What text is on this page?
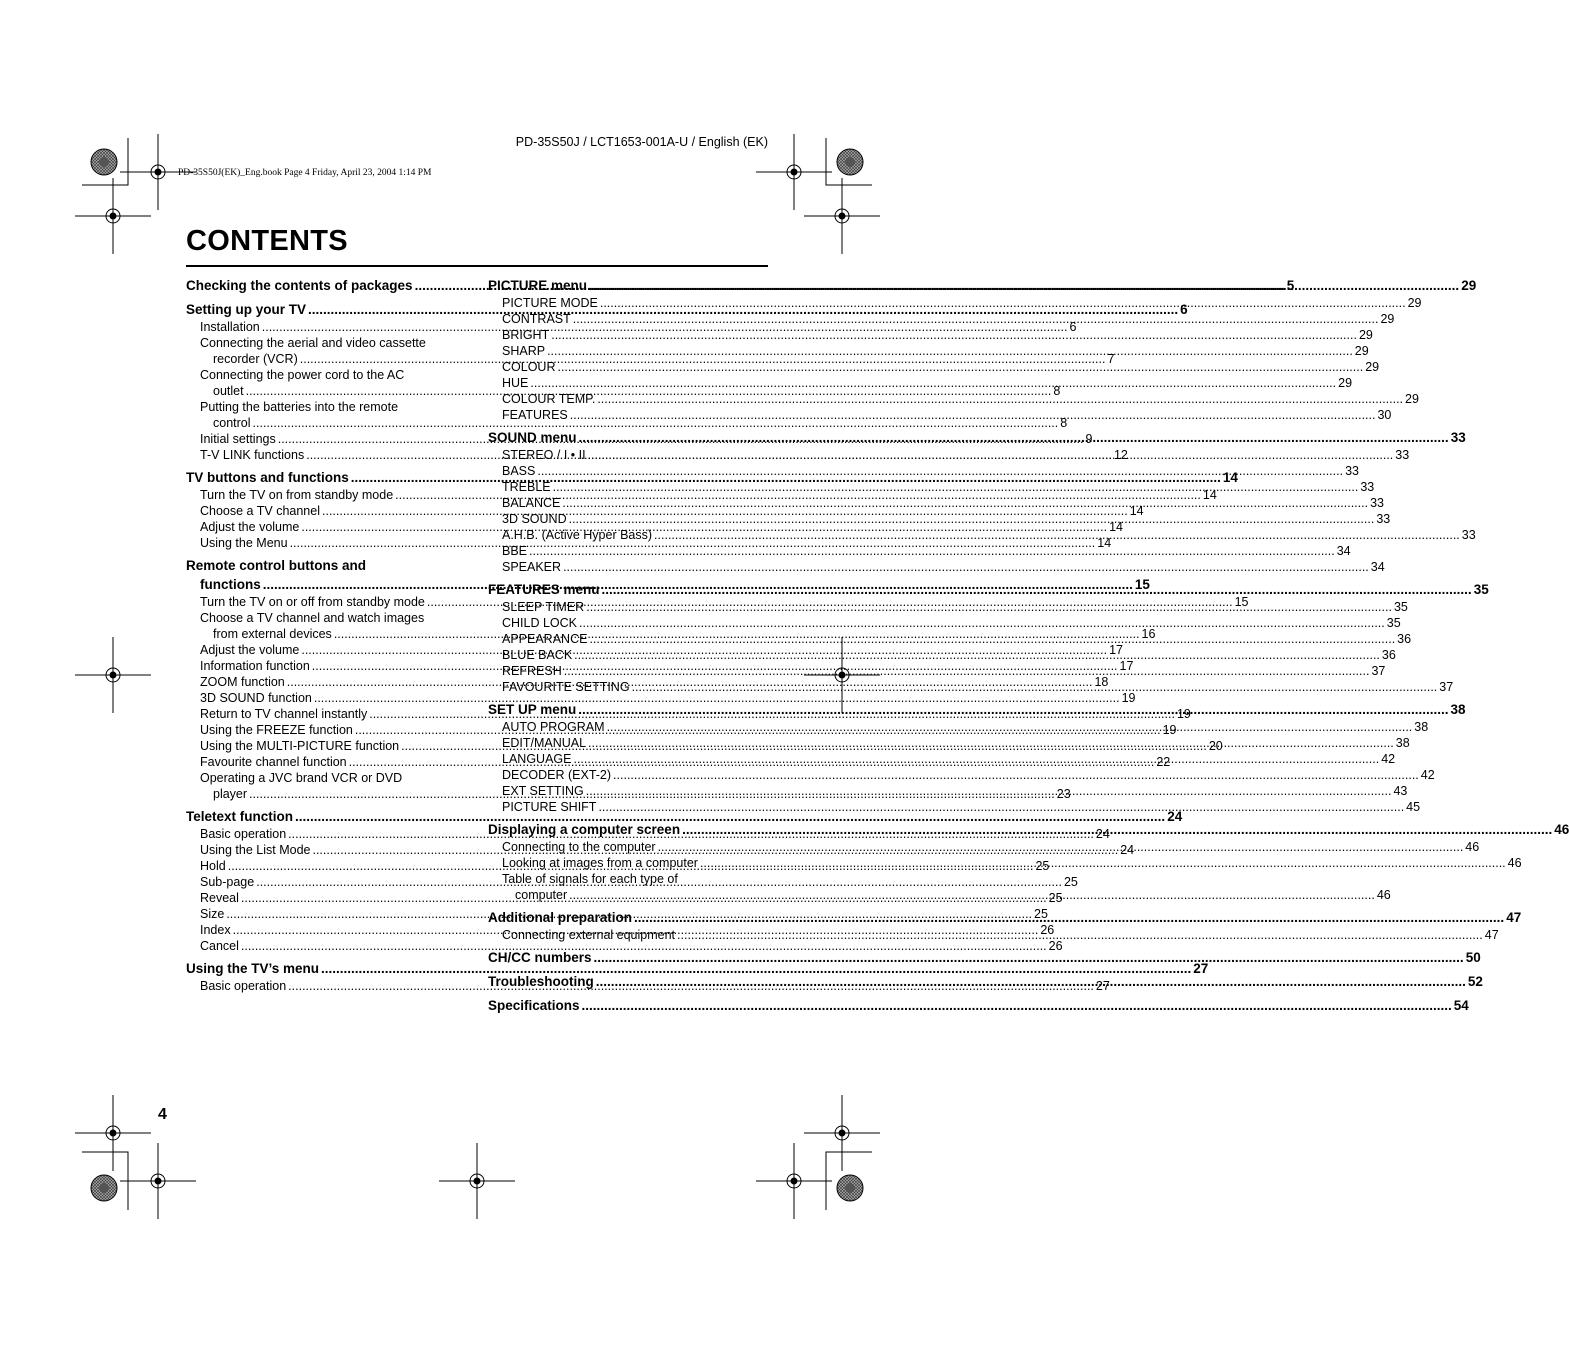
PD-35S50J / LCT1653-001A-U / English (EK)
PD-35S50J(EK)_Eng.book Page 4 Friday, April 23, 2004 1:14 PM
CONTENTS
Checking the contents of packages .....	5
Setting up your TV .....	6
Installation .....	6
Connecting the aerial and video cassette
recorder (VCR) .....	7
Connecting the power cord to the AC
outlet .....	8
Putting the batteries into the remote
control .....	8
Initial settings .....	9
T-V LINK functions .....	12
TV buttons and functions .....	14
Turn the TV on from standby mode .....	14
Choose a TV channel .....	14
Adjust the volume .....	14
Using the Menu .....	14
Remote control buttons and
functions .....	15
Turn the TV on or off from standby mode .....	15
Choose a TV channel and watch images
from external devices .....	16
Adjust the volume .....	17
Information function .....	17
ZOOM function .....	18
3D SOUND function .....	19
Return to TV channel instantly .....	19
Using the FREEZE function .....	19
Using the MULTI-PICTURE function .....	20
Favourite channel function .....	22
Operating a JVC brand VCR or DVD
player .....	23
Teletext function .....	24
Basic operation .....	24
Using the List Mode .....	24
Hold .....	25
Sub-page .....	25
Reveal .....	25
Size .....	25
Index .....	26
Cancel .....	26
Using the TV’s menu .....	27
Basic operation .....	27
PICTURE menu .....	29
PICTURE MODE .....	29
CONTRAST .....	29
BRIGHT .....	29
SHARP .....	29
COLOUR .....	29
HUE .....	29
COLOUR TEMP. .....	29
FEATURES .....	30
SOUND menu .....	33
STEREO / I • II .....	33
BASS .....	33
TREBLE .....	33
BALANCE .....	33
3D SOUND .....	33
A.H.B. (Active Hyper Bass) .....	33
BBE .....	34
SPEAKER .....	34
FEATURES menu .....	35
SLEEP TIMER .....	35
CHILD LOCK .....	35
APPEARANCE .....	36
BLUE BACK .....	36
REFRESH .....	37
FAVOURITE SETTING .....	37
SET UP menu .....	38
AUTO PROGRAM .....	38
EDIT/MANUAL .....	38
LANGUAGE .....	42
DECODER (EXT-2) .....	42
EXT SETTING .....	43
PICTURE SHIFT .....	45
Displaying a computer screen .....	46
Connecting to the computer .....	46
Looking at images from a computer .....	46
Table of signals for each type of
computer .....	46
Additional preparation .....	47
Connecting external equipment .....	47
CH/CC numbers .....	50
Troubleshooting .....	52
Specifications .....	54
4
